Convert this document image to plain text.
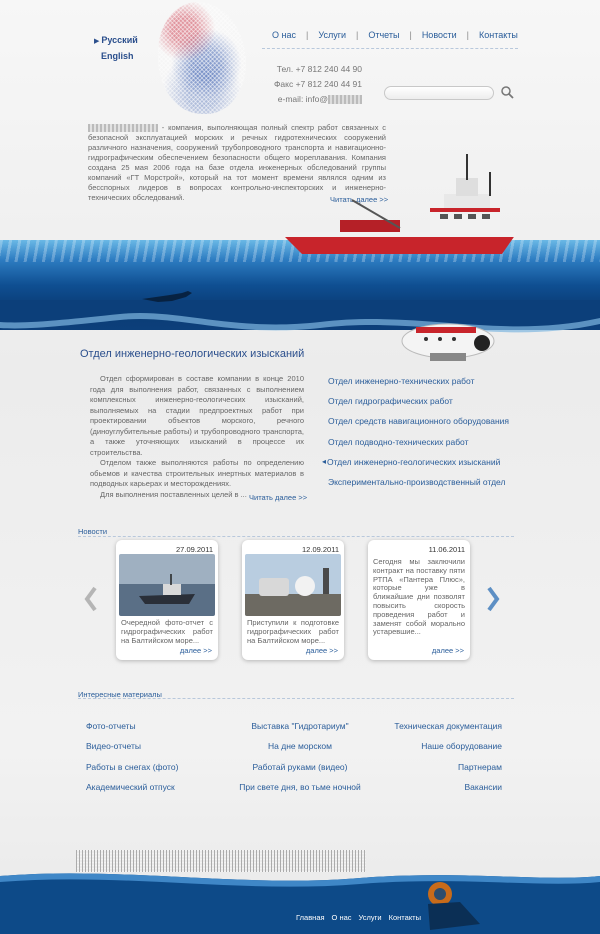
▶ Русский
English
О нас | Услуги | Отчеты | Новости | Контакты
Тел. +7 812 240 44 90
Факс +7 812 240 44 91
e-mail: info@
- компания, выполняющая полный спектр работ связанных с безопасной эксплуатацией морских и речных гидротехнических сооружений различного назначения, сооружений трубопроводного транспорта и навигационно-гидрографическим обеспечением безопасности общего мореплавания. Компания создана 25 мая 2006 года на базе отдела инженерных обследований группы компаний «ГТ Морстрой», который на тот момент времени являлся одним из бесспорных лидеров в вопросах контрольно-инспекторских и инженерно-технических обследований.	Читать далее >>
Отдел инженерно-геологических изысканий

Отдел сформирован в составе компании в конце 2010 года для выполнения работ, связанных с выполнением комплексных инженерно-геологических изысканий, выполняемых на стадии предпроектных работ при проектировании объектов морского, речного (диноуглубительные работы) и трубопроводного транспорта, а также уточняющих изысканий в процессе их строительства.

Отделом также выполняются работы по определению обьемов и качества строительных инертных материалов в подводных карьерах и месторождениях.

Для выполнения поставленных целей в ... Читать далее >>
Отдел инженерно-технических работ
Отдел гидрографических работ
Отдел средств навигационного оборудования
Отдел подводно-технических работ
◂ Отдел инженерно-геологических изысканий
Экспериментально-производственный отдел
Новости
27.09.2011
Очередной фото-отчет с гидрографических работ на Балтийском море...
далее >>
12.09.2011
Приступили к подготовке гидрографических работ на Балтийском море...
далее >>
11.06.2011
Сегодня мы заключили контракт на поставку пяти РТПА «Пантера Плюс», которые уже в ближайшие дни позволят повысить скорость проведения работ и заменят собой морально устаревшие...
далее >>
Интересные материалы
Фото-отчеты
Видео-отчеты
Работы в снегах (фото)
Академический отпуск
Выставка "Гидротариум"
На дне морском
Работай руками (видео)
При свете дня, во тьме ночной
Техническая документация
Наше оборудование
Партнерам
Вакансии
Главная О нас Услуги Контакты
